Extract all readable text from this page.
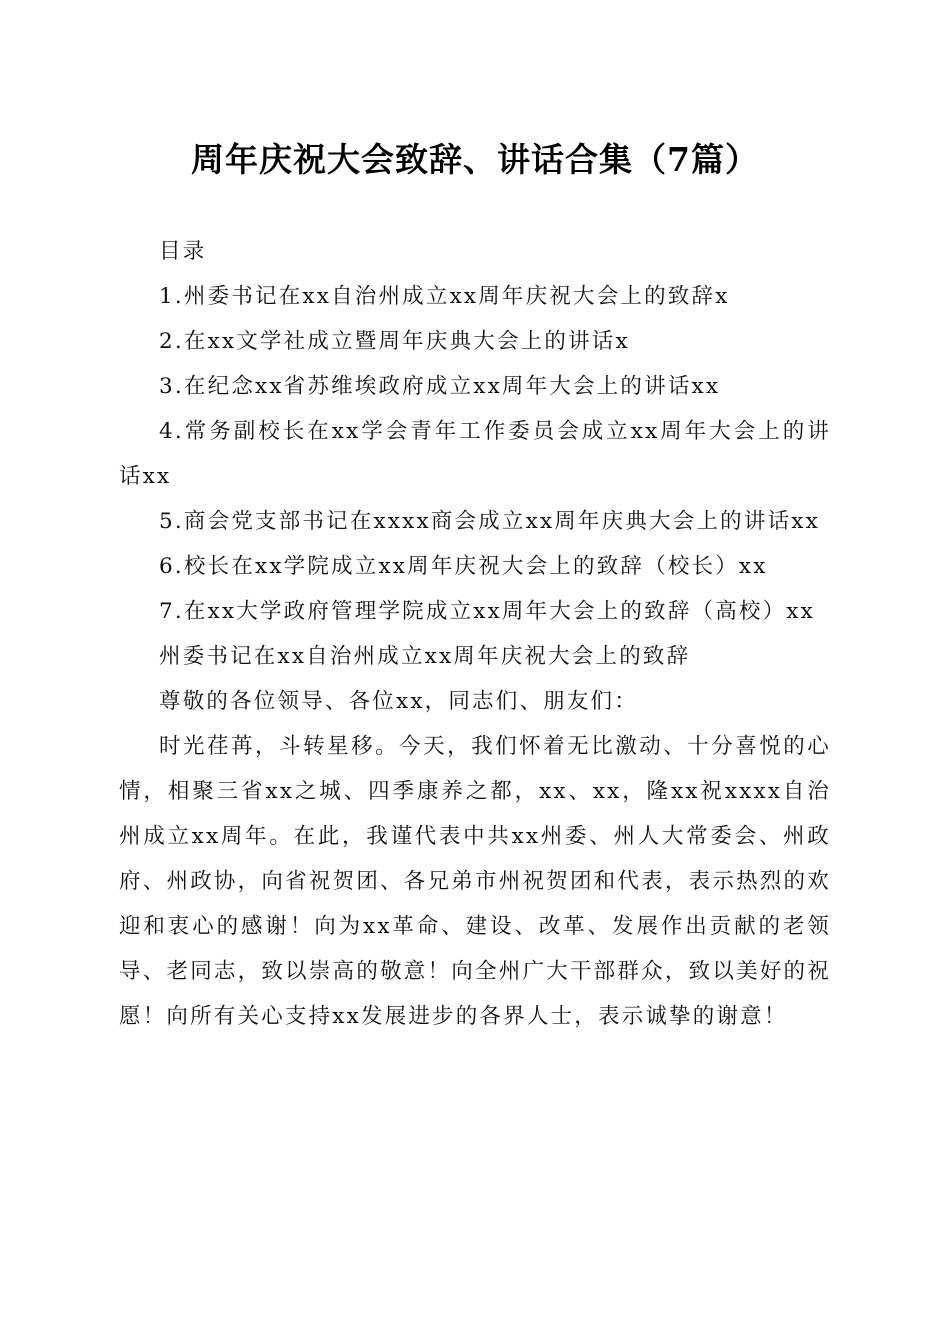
周年庆祝大会致辞、讲话合集（7篇）

目录

1.州委书记在xx自治州成立xx周年庆祝大会上的致辞x

2.在xx文学社成立暨周年庆典大会上的讲话x

3.在纪念xx省苏维埃政府成立xx周年大会上的讲话xx

4.常务副校长在xx学会青年工作委员会成立xx周年大会上的讲话xx

5.商会党支部书记在xxxx商会成立xx周年庆典大会上的讲话xx

6.校长在xx学院成立xx周年庆祝大会上的致辞（校长）xx

7.在xx大学政府管理学院成立xx周年大会上的致辞（高校）xx

州委书记在xx自治州成立xx周年庆祝大会上的致辞

尊敬的各位领导、各位xx，同志们、朋友们：

时光荏苒，斗转星移。今天，我们怀着无比激动、十分喜悦的心情，相聚三省xx之城、四季康养之都，xx、xx，隆xx祝xxxx自治州成立xx周年。在此，我谨代表中共xx州委、州人大常委会、州政府、州政协，向省祝贺团、各兄弟市州祝贺团和代表，表示热烈的欢迎和衷心的感谢！向为xx革命、建设、改革、发展作出贡献的老领导、老同志，致以崇高的敬意！向全州广大干部群众，致以美好的祝愿！向所有关心支持xx发展进步的各界人士，表示诚挚的谢意！
